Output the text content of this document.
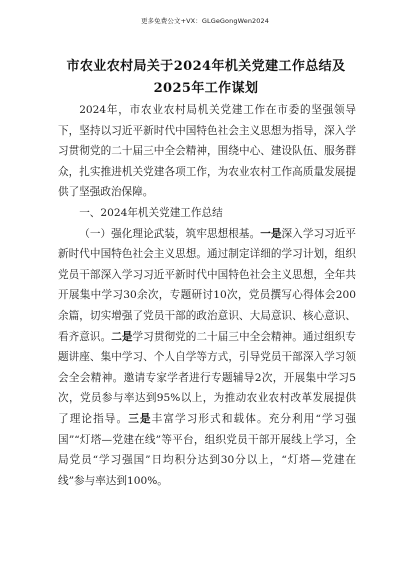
更多免费公文+VX：GLGeGongWen2024
市农业农村局关于2024年机关党建工作总结及2025年工作谋划

2024年，市农业农村局机关党建工作在市委的坚强领导下，坚持以习近平新时代中国特色社会主义思想为指导，深入学习贯彻党的二十届三中全会精神，围绕中心、建设队伍、服务群众，扎实推进机关党建各项工作，为农业农村工作高质量发展提供了坚强政治保障。

一、2024年机关党建工作总结

（一）强化理论武装，筑牢思想根基。一是深入学习习近平新时代中国特色社会主义思想。通过制定详细的学习计划，组织党员干部深入学习习近平新时代中国特色社会主义思想，全年共开展集中学习30余次，专题研讨10次，党员撰写心得体会200余篇，切实增强了党员干部的政治意识、大局意识、核心意识、看齐意识。二是学习贯彻党的二十届三中全会精神。通过组织专题讲座、集中学习、个人自学等方式，引导党员干部深入学习领会全会精神。邀请专家学者进行专题辅导2次，开展集中学习5次，党员参与率达到95%以上，为推动农业农村改革发展提供了理论指导。三是丰富学习形式和载体。充分利用“学习强国”“灯塔—党建在线”等平台，组织党员干部开展线上学习，全局党员“学习强国”日均积分达到30分以上，“灯塔—党建在线”参与率达到100%。
